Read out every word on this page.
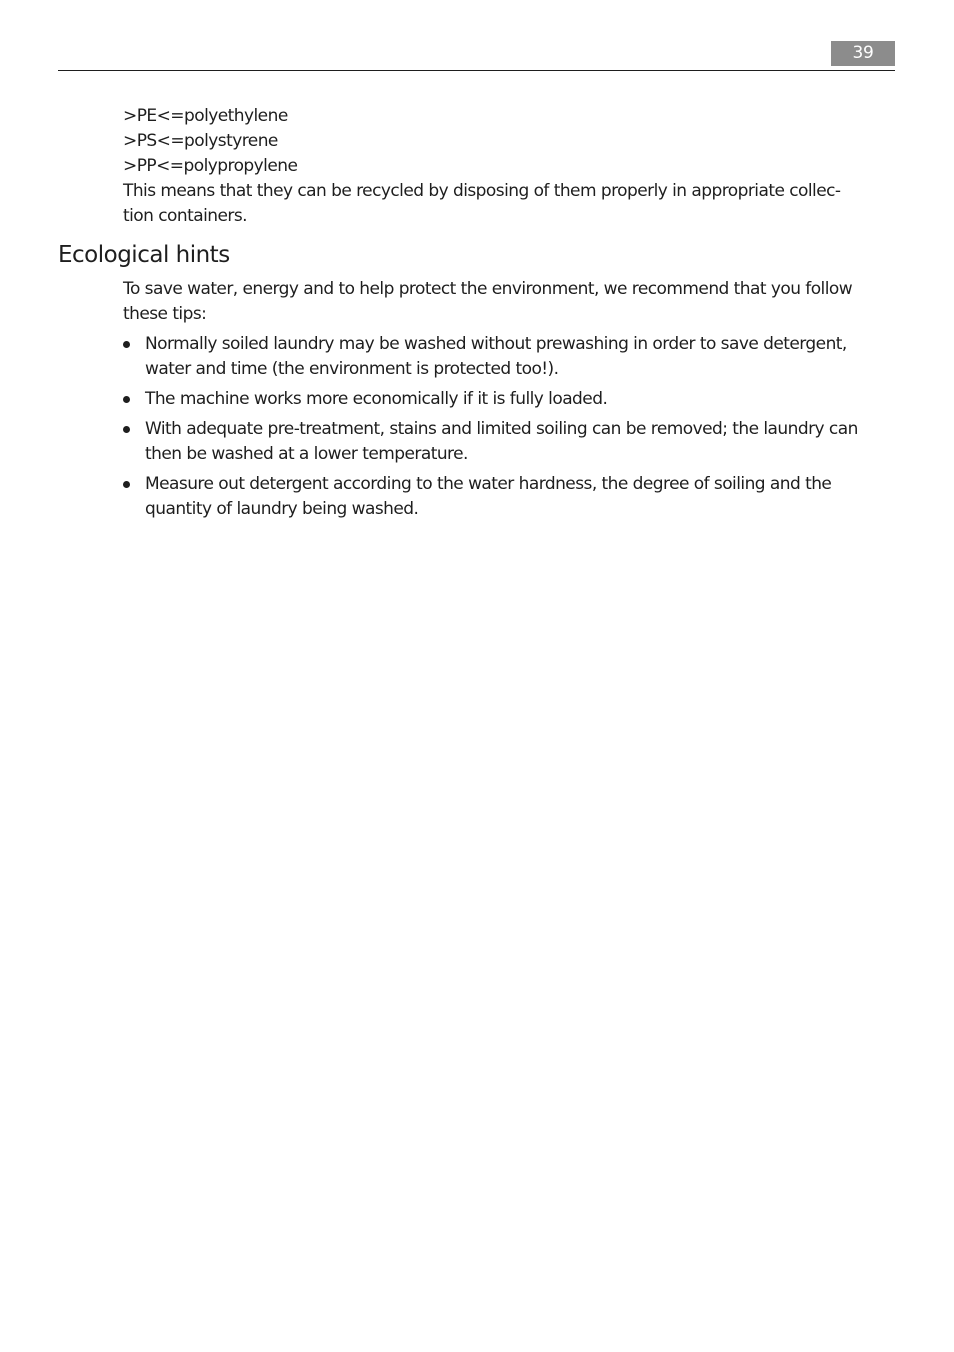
39
>PE<=polyethylene
>PS<=polystyrene
>PP<=polypropylene
This means that they can be recycled by disposing of them properly in appropriate collec-
tion containers.
Ecological hints
To save water, energy and to help protect the environment, we recommend that you follow
these tips:
Normally soiled laundry may be washed without prewashing in order to save detergent,
water and time (the environment is protected too!).
The machine works more economically if it is fully loaded.
With adequate pre-treatment, stains and limited soiling can be removed; the laundry can
then be washed at a lower temperature.
Measure out detergent according to the water hardness, the degree of soiling and the
quantity of laundry being washed.
